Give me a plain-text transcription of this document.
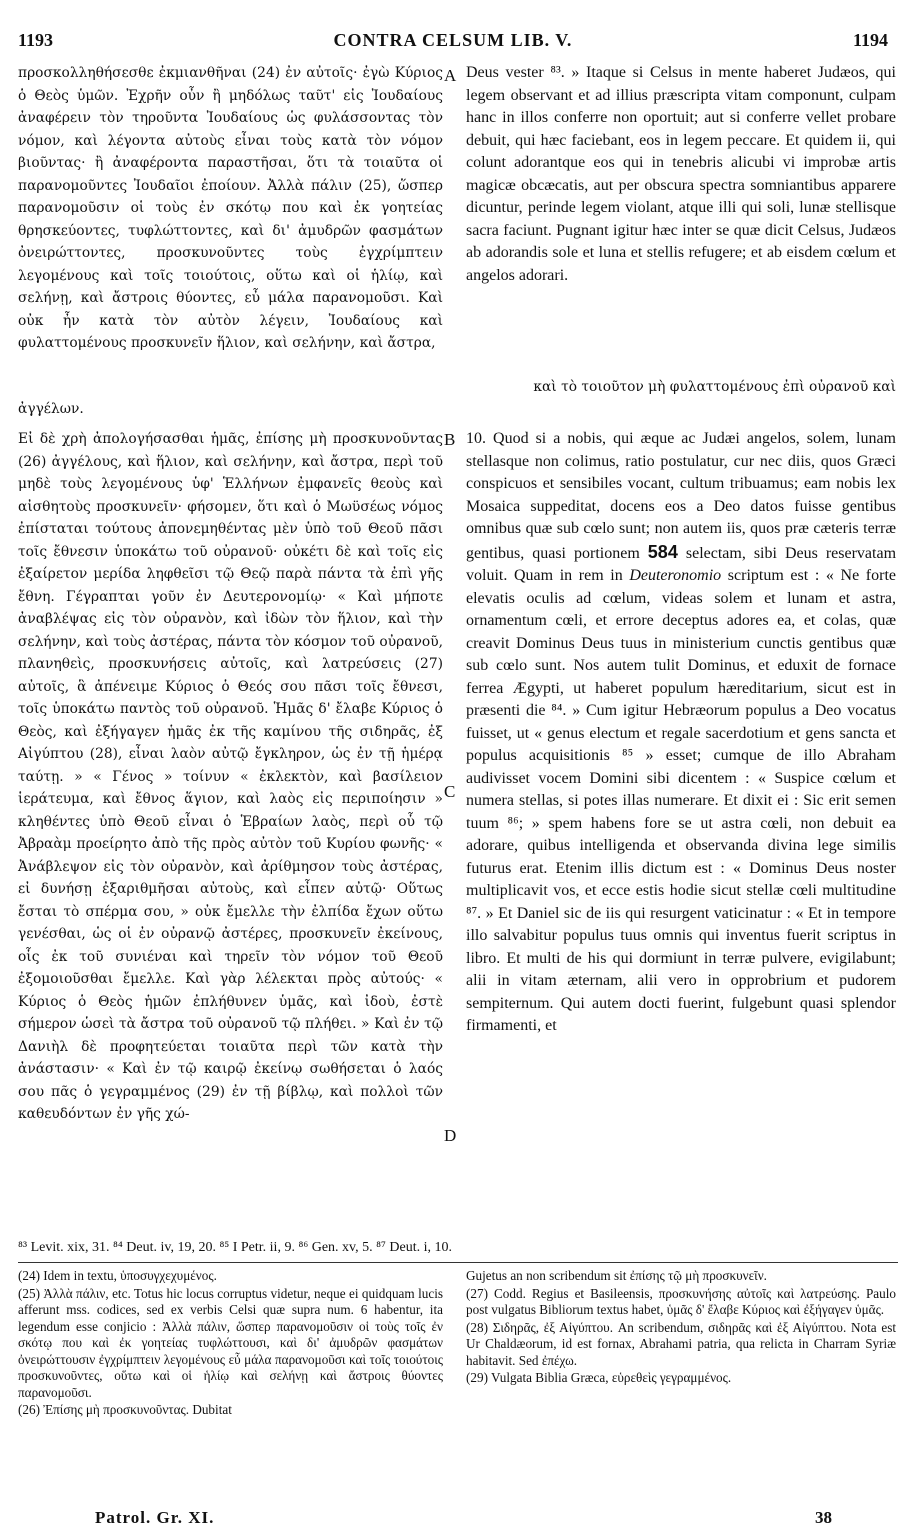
1193	CONTRA CELSUM LIB. V.	1194

προσκολληθήσεσθε ἐκμιανθῆναι (24) ἐν αὐτοῖς· ἐγὼ Κύριος ὁ Θεὸς ὑμῶν. Ἐχρῆν οὖν ἢ μηδόλως ταῦτ' εἰς Ἰουδαίους ἀναφέρειν τὸν τηροῦντα Ἰουδαίους ὡς φυλάσσοντας τὸν νόμον, καὶ λέγοντα αὐτοὺς εἶναι τοὺς κατὰ τὸν νόμον βιοῦντας· ἢ ἀναφέροντα παραστῆσαι, ὅτι τὰ τοιαῦτα οἱ παρανομοῦντες Ἰουδαῖοι ἐποίουν. Ἀλλὰ πάλιν (25), ὥσπερ παρανομοῦσιν οἱ τοὺς ἐν σκότῳ που καὶ ἐκ γοητείας θρησκεύοντες, τυφλώττοντες, καὶ δι' ἀμυδρῶν φασμάτων ὀνειρώττοντες, προσκυνοῦντες τοὺς ἐγχρίμπτειν λεγομένους καὶ τοῖς τοιούτοις, οὕτω καὶ οἱ ἡλίῳ, καὶ σελήνῃ, καὶ ἄστροις θύοντες, εὖ μάλα παρανομοῦσι. Καὶ οὐκ ἦν κατὰ τὸν αὐτὸν λέγειν, Ἰουδαίους καὶ φυλαττομένους προσκυνεῖν ἥλιον, καὶ σελήνην, καὶ ἄστρα,

A Deus vester ⁸³. » Itaque si Celsus in mente haberet Judæos, qui legem observant et ad illius præscripta vitam componunt, culpam hanc in illos conferre non oportuit; aut si conferre vellet probare debuit, qui hæc faciebant, eos in legem peccare. Et quidem ii, qui colunt adorantque eos qui in tenebris alicubi vi improbæ artis magicæ obcæcatis, aut per obscura spectra somniantibus apparere dicuntur, perinde legem violant, atque illi qui soli, lunæ stellisque sacra faciunt. Pugnant igitur hæc inter se quæ dicit Celsus, Judæos ab adorandis sole et luna et stellis refugere; et ab eisdem cœlum et angelos adorari.

καὶ τὸ τοιοῦτον μὴ φυλαττομένους ἐπὶ οὐρανοῦ καὶ
ἀγγέλων.

Εἰ δὲ χρὴ ἀπολογήσασθαι ἡμᾶς, ἐπίσης μὴ προσκυνοῦντας (26) ἀγγέλους, καὶ ἥλιον, καὶ σελήνην, καὶ ἄστρα, περὶ τοῦ μηδὲ τοὺς λεγομένους ὑφ' Ἑλλήνων ἐμφανεῖς θεοὺς καὶ αἰσθητοὺς προσκυνεῖν· φήσομεν, ὅτι καὶ ὁ Μωϋσέως νόμος ἐπίσταται τούτους ἀπονεμηθέντας μὲν ὑπὸ τοῦ Θεοῦ πᾶσι τοῖς ἔθνεσιν ὑποκάτω τοῦ οὐρανοῦ· οὐκέτι δὲ καὶ τοῖς εἰς ἐξαίρετον μερίδα ληφθεῖσι τῷ Θεῷ παρὰ πάντα τὰ ἐπὶ γῆς ἔθνη. Γέγραπται γοῦν ἐν Δευτερονομίῳ· « Καὶ μήποτε ἀναβλέψας εἰς τὸν οὐρανὸν, καὶ ἰδὼν τὸν ἥλιον, καὶ τὴν σελήνην, καὶ τοὺς ἀστέρας, πάντα τὸν κόσμον τοῦ οὐρανοῦ, πλανηθεὶς, προσκυνήσεις αὐτοῖς, καὶ λατρεύσεις (27) αὐτοῖς, ἃ ἀπένειμε Κύριος ὁ Θεός σου πᾶσι τοῖς ἔθνεσι, τοῖς ὑποκάτω παντὸς τοῦ οὐρανοῦ. Ἡμᾶς δ' ἔλαβε Κύριος ὁ Θεὸς, καὶ ἐξήγαγεν ἡμᾶς ἐκ τῆς καμίνου τῆς σιδηρᾶς, ἐξ Αἰγύπτου (28), εἶναι λαὸν αὐτῷ ἔγκληρον, ὡς ἐν τῇ ἡμέρᾳ ταύτῃ. » « Γένος » τοίνυν « ἐκλεκτὸν, καὶ βασίλειον ἱεράτευμα, καὶ ἔθνος ἅγιον, καὶ λαὸς εἰς περιποίησιν » κληθέντες ὑπὸ Θεοῦ εἶναι ὁ Ἑβραίων λαὸς, περὶ οὗ τῷ Ἀβραὰμ προείρητο ἀπὸ τῆς πρὸς αὐτὸν τοῦ Κυρίου φωνῆς· « Ἀνάβλεψον εἰς τὸν οὐρανὸν, καὶ ἀρίθμησον τοὺς ἀστέρας, εἰ δυνήσῃ ἐξαριθμῆσαι αὐτοὺς, καὶ εἶπεν αὐτῷ· Οὕτως ἔσται τὸ σπέρμα σου, » οὐκ ἔμελλε τὴν ἐλπίδα ἔχων οὕτω γενέσθαι, ὡς οἱ ἐν οὐρανῷ ἀστέρες, προσκυνεῖν ἐκείνους, οἷς ἐκ τοῦ συνιέναι καὶ τηρεῖν τὸν νόμον τοῦ Θεοῦ ἐξομοιοῦσθαι ἔμελλε. Καὶ γὰρ λέλεκται πρὸς αὐτούς· « Κύριος ὁ Θεὸς ἡμῶν ἐπλήθυνεν ὑμᾶς, καὶ ἰδοὺ, ἐστὲ σήμερον ὡσεὶ τὰ ἄστρα τοῦ οὐρανοῦ τῷ πλήθει. » Καὶ ἐν τῷ Δανιὴλ δὲ προφητεύεται τοιαῦτα περὶ τῶν κατὰ τὴν ἀνάστασιν· « Καὶ ἐν τῷ καιρῷ ἐκείνῳ σωθήσεται ὁ λαός σου πᾶς ὁ γεγραμμένος (29) ἐν τῇ βίβλῳ, καὶ πολλοὶ τῶν καθευδόντων ἐν γῆς χώ-

B
C
D

10. Quod si a nobis, qui æque ac Judæi angelos, solem, lunam stellasque non colimus, ratio postulatur, cur nec diis, quos Græci conspicuos et sensibiles vocant, cultum tribuamus; eam nobis lex Mosaica suppeditat, docens eos a Deo datos fuisse gentibus omnibus quæ sub cœlo sunt; non autem iis, quos præ cæteris terræ gentibus, quasi portionem 584 selectam, sibi Deus reservatam voluit. Quam in rem in Deuteronomio scriptum est : « Ne forte elevatis oculis ad cœlum, videas solem et lunam et astra, ornamentum cœli, et errore deceptus adores ea, et colas, quæ creavit Dominus Deus tuus in ministerium cunctis gentibus quæ sub cœlo sunt. Nos autem tulit Dominus, et eduxit de fornace ferrea Ægypti, ut haberet populum hæreditarium, sicut est in præsenti die ⁸⁴. » Cum igitur Hebræorum populus a Deo vocatus fuisset, ut « genus electum et regale sacerdotium et gens sancta et populus acquisitionis ⁸⁵ » esset; cumque de illo Abraham audivisset vocem Domini sibi dicentem : « Suspice cœlum et numera stellas, si potes illas numerare. Et dixit ei : Sic erit semen tuum ⁸⁶; » spem habens fore se ut astra cœli, non debuit ea adorare, quibus intelligenda et observanda divina lege similis futurus erat. Etenim illis dictum est : « Dominus Deus noster multiplicavit vos, et ecce estis hodie sicut stellæ cœli multitudine ⁸⁷. » Et Daniel sic de iis qui resurgent vaticinatur : « Et in tempore illo salvabitur populus tuus omnis qui inventus fuerit scriptus in libro. Et multi de his qui dormiunt in terræ pulvere, evigilabunt; alii in vitam æternam, alii vero in opprobrium et pudorem sempiternum. Qui autem docti fuerint, fulgebunt quasi splendor firmamenti, et

⁸³ Levit. xix, 31. ⁸⁴ Deut. iv, 19, 20. ⁸⁵ I Petr. ii, 9. ⁸⁶ Gen. xv, 5. ⁸⁷ Deut. i, 10.

(24) Idem in textu, ὑποσυγχεχυμένος.

(25) Ἀλλὰ πάλιν, etc. Totus hic locus corruptus videtur, neque ei quidquam lucis afferunt mss. codices, sed ex verbis Celsi quæ supra num. 6 habentur, ita legendum esse conjicio : Ἀλλὰ πάλιν, ὥσπερ παρανομοῦσιν οἱ τοὺς τοῖς ἐν σκότῳ που καὶ ἐκ γοητείας τυφλώττουσι, καὶ δι' ἀμυδρῶν φασμάτων ὀνειρώττουσιν ἐγχρίμπτειν λεγομένους εὖ μάλα παρανομοῦσι καὶ τοῖς τοιούτοις προσκυνοῦντες, οὕτω καὶ οἱ ἡλίῳ καὶ σελήνῃ καὶ ἄστροις θύοντες παρανομοῦσι.

(26) Ἐπίσης μὴ προσκυνοῦντας. Dubitat

Gujetus an non scribendum sit ἐπίσης τῷ μὴ προσκυνεῖν.

(27) Codd. Regius et Basileensis, προσκυνήσης αὐτοῖς καὶ λατρεύσης. Paulo post vulgatus Bibliorum textus habet, ὑμᾶς δ' ἔλαβε Κύριος καὶ ἐξήγαγεν ὑμᾶς.

(28) Σιδηρᾶς, ἐξ Αἰγύπτου. An scribendum, σιδηρᾶς καὶ ἐξ Αἰγύπτου. Nota est Ur Chaldæorum, id est fornax, Abrahami patria, qua relicta in Charram Syriæ habitavit. Sed ἐπέχω.

(29) Vulgata Biblia Græca, εὑρεθεὶς γεγραμμένος.

Patrol. Gr. XI.	38
